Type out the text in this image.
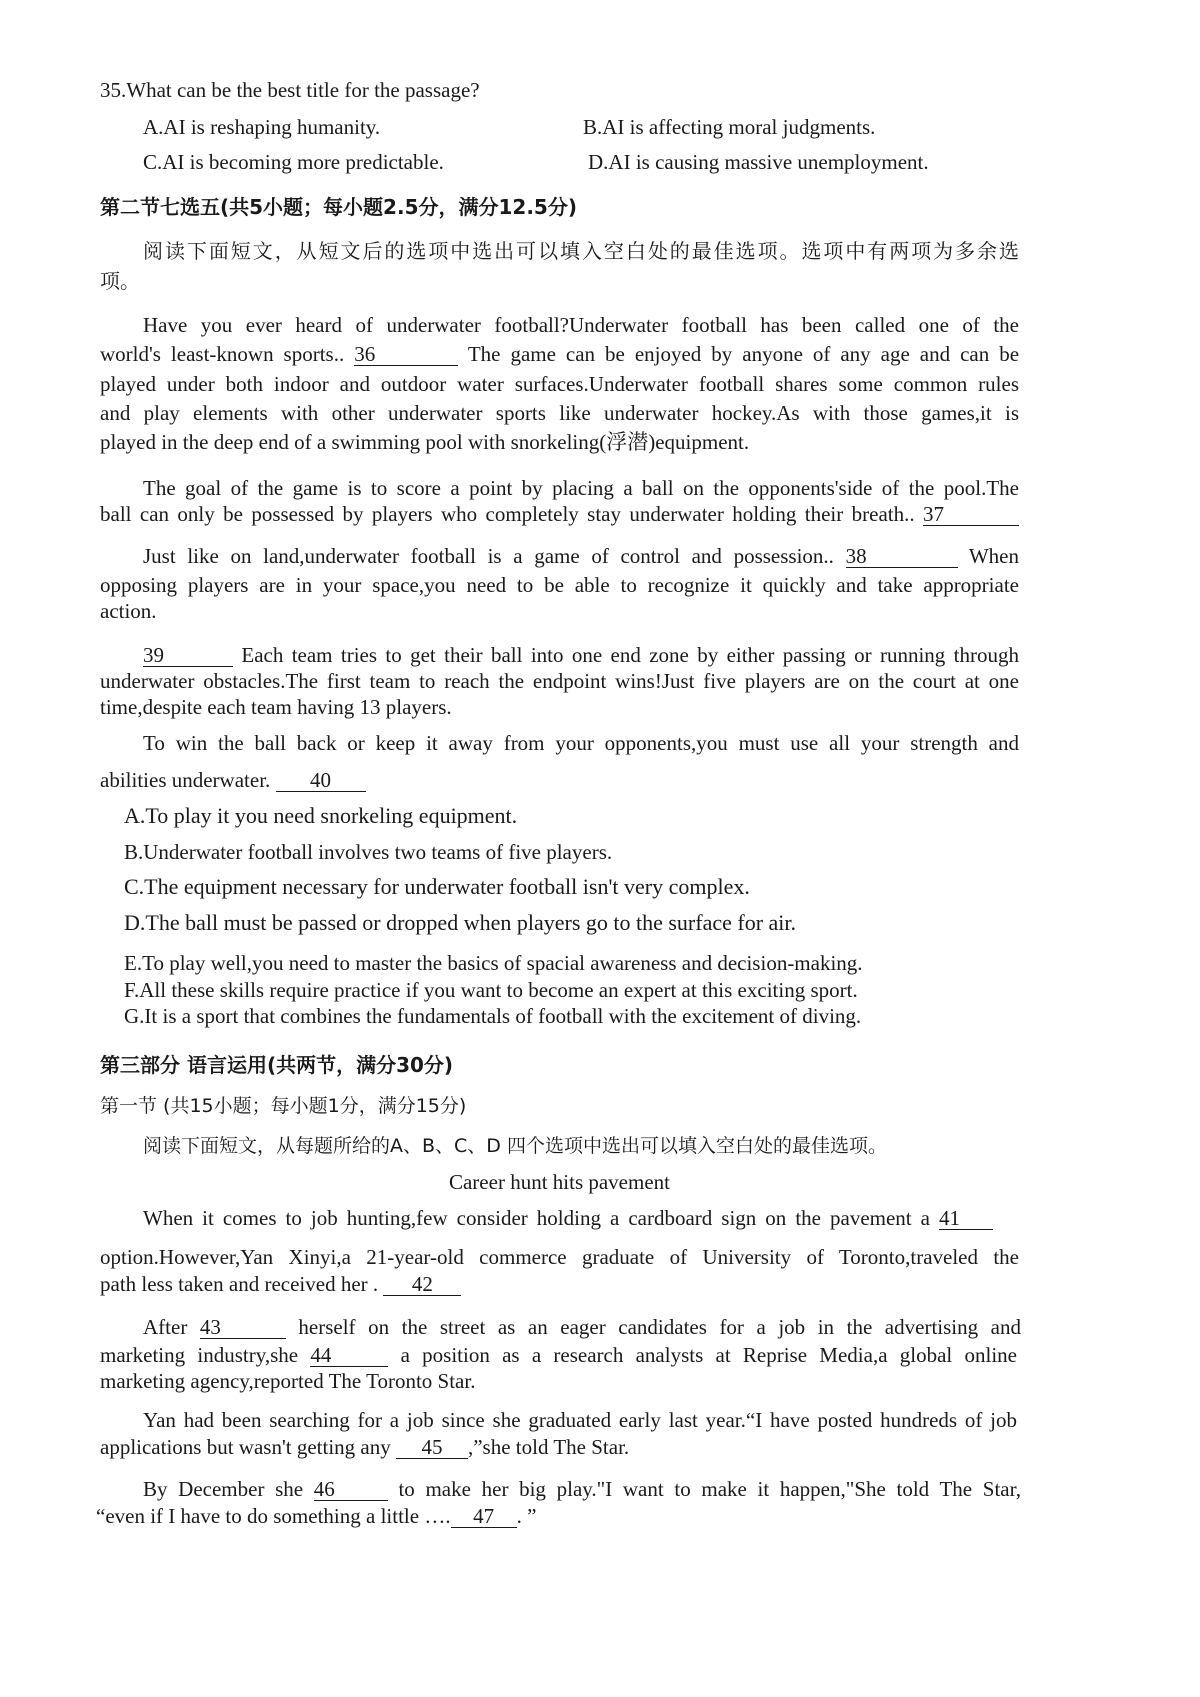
35.What can be the best title for the passage?
A.AI is reshaping humanity.	B.AI is affecting moral judgments.
C.AI is becoming more predictable.	D.AI is causing massive unemployment.
第二节七选五(共5小题；每小题2.5分，满分12.5分)
阅读下面短文，从短文后的选项中选出可以填入空白处的最佳选项。选项中有两项为多余选
项。
Have you ever heard of underwater football?Underwater football has been called one of the
world's least-known sports.. 36	The game can be enjoyed by anyone of any age and can be
played under both indoor and outdoor water surfaces.Underwater football shares some common rules
and play elements with other underwater sports like underwater hockey.As with those games,it is
played in the deep end of a swimming pool with snorkeling(浮潜)equipment.
The goal of the game is to score a point by placing a ball on the opponents'side of the pool.The
ball can only be possessed by players who completely stay underwater holding their breath.. 37
Just like on land,underwater football is a game of control and possession.. 38	When
opposing players are in your space,you need to be able to recognize it quickly and take appropriate
action.
39	Each team tries to get their ball into one end zone by either passing or running through
underwater obstacles.The first team to reach the endpoint wins!Just five players are on the court at one
time,despite each team having 13 players.
To win the ball back or keep it away from your opponents,you must use all your strength and
abilities underwater. 40
A.To play it you need snorkeling equipment.
B.Underwater football involves two teams of five players.
C.The equipment necessary for underwater football isn't very complex.
D.The ball must be passed or dropped when players go to the surface for air.
E.To play well,you need to master the basics of spacial awareness and decision-making.
F.All these skills require practice if you want to become an expert at this exciting sport.
G.It is a sport that combines the fundamentals of football with the excitement of diving.
第三部分 语言运用(共两节，满分30分)
第一节 (共15小题；每小题1分，满分15分)
阅读下面短文，从每题所给的A、B、C、D 四个选项中选出可以填入空白处的最佳选项。
Career hunt hits pavement
When it comes to job hunting,few consider holding a cardboard sign on the pavement a 41
option.However,Yan Xinyi,a 21-year-old commerce graduate of University of Toronto,traveled the
path less taken and received her . 42
After 43	herself on the street as an eager candidates for a job in the advertising and
marketing industry,she 44	a position as a research analysts at Reprise Media,a global online
marketing agency,reported The Toronto Star.
Yan had been searching for a job since she graduated early last year.“I have posted hundreds of job
applications but wasn't getting any 45 ,”she told The Star.
By December she 46	to make her big play."I want to make it happen,"She told The Star,
“even if I have to do something a little …. 47 . ”
